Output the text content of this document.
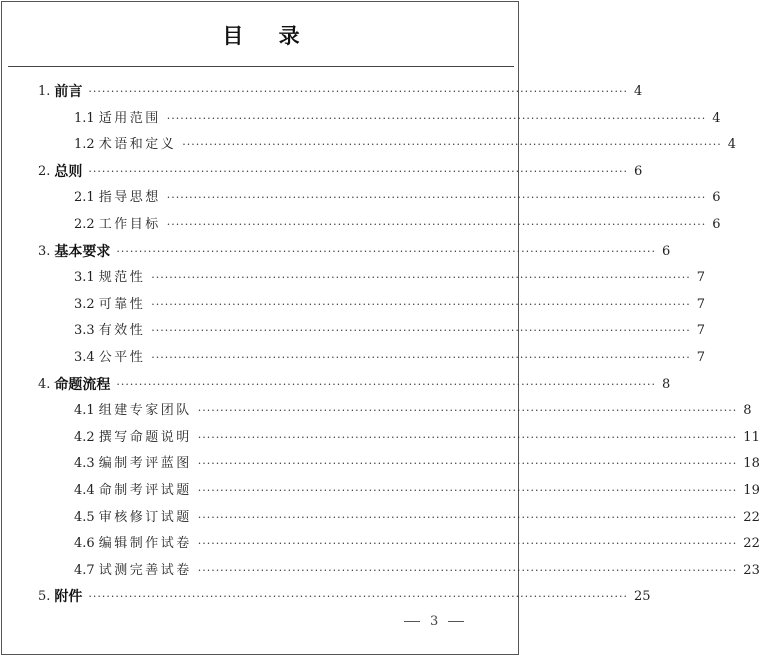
目 录
1. 前言 ························································································································ 4
1.1 适用范围 ························································································································ 4
1.2 术语和定义 ························································································································ 4
2. 总则 ························································································································ 6
2.1 指导思想 ························································································································ 6
2.2 工作目标 ························································································································ 6
3. 基本要求 ························································································································ 6
3.1 规范性 ························································································································ 7
3.2 可靠性 ························································································································ 7
3.3 有效性 ························································································································ 7
3.4 公平性 ························································································································ 7
4. 命题流程 ························································································································ 8
4.1 组建专家团队 ························································································································ 8
4.2 撰写命题说明 ························································································································ 11
4.3 编制考评蓝图 ························································································································ 18
4.4 命制考评试题 ························································································································ 19
4.5 审核修订试题 ························································································································ 22
4.6 编辑制作试卷 ························································································································ 22
4.7 试测完善试卷 ························································································································ 23
5. 附件 ························································································································ 25
3
